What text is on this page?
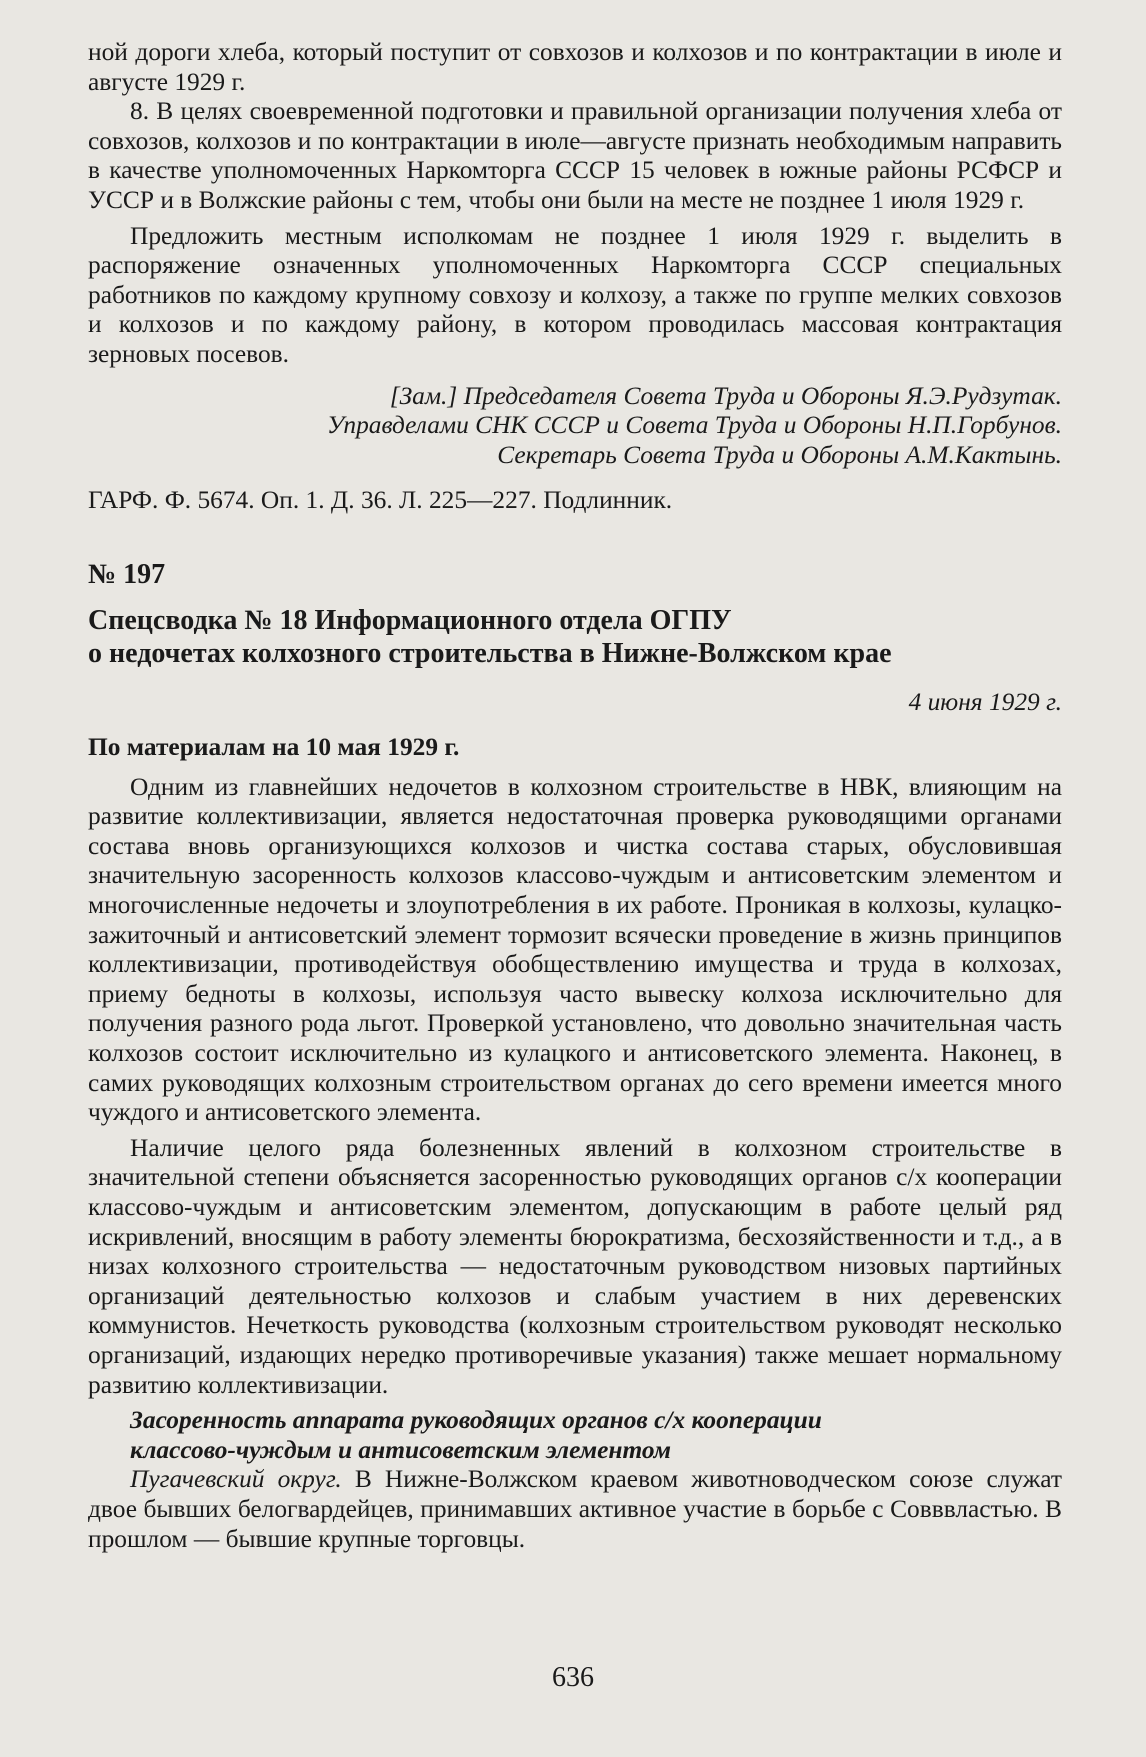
ной дороги хлеба, который поступит от совхозов и колхозов и по контрактации в июле и августе 1929 г.

8. В целях своевременной подготовки и правильной организации получения хлеба от совхозов, колхозов и по контрактации в июле—августе признать необходимым направить в качестве уполномоченных Наркомторга СССР 15 человек в южные районы РСФСР и УССР и в Волжские районы с тем, чтобы они были на месте не позднее 1 июля 1929 г.

Предложить местным исполкомам не позднее 1 июля 1929 г. выделить в распоряжение означенных уполномоченных Наркомторга СССР специальных работников по каждому крупному совхозу и колхозу, а также по группе мелких совхозов и колхозов и по каждому району, в котором проводилась массовая контрактация зерновых посевов.

[Зам.] Председателя Совета Труда и Обороны Я.Э.Рудзутак.
Управделами СНК СССР и Совета Труда и Обороны Н.П.Горбунов.
Секретарь Совета Труда и Обороны А.М.Кактынь.

ГАРФ. Ф. 5674. Оп. 1. Д. 36. Л. 225—227. Подлинник.

№ 197
Спецсводка № 18 Информационного отдела ОГПУ
о недочетах колхозного строительства в Нижне-Волжском крае
4 июня 1929 г.
По материалам на 10 мая 1929 г.

Одним из главнейших недочетов в колхозном строительстве в НВК, влияющим на развитие коллективизации, является недостаточная проверка руководящими органами состава вновь организующихся колхозов и чистка состава старых, обусловившая значительную засоренность колхозов классово-чуждым и антисоветским элементом и многочисленные недочеты и злоупотребления в их работе. Проникая в колхозы, кулацко-зажиточный и антисоветский элемент тормозит всячески проведение в жизнь принципов коллективизации, противодействуя обобществлению имущества и труда в колхозах, приему бедноты в колхозы, используя часто вывеску колхоза исключительно для получения разного рода льгот. Проверкой установлено, что довольно значительная часть колхозов состоит исключительно из кулацкого и антисоветского элемента. Наконец, в самих руководящих колхозным строительством органах до сего времени имеется много чуждого и антисоветского элемента.

Наличие целого ряда болезненных явлений в колхозном строительстве в значительной степени объясняется засоренностью руководящих органов с/х кооперации классово-чуждым и антисоветским элементом, допускающим в работе целый ряд искривлений, вносящим в работу элементы бюрократизма, бесхозяйственности и т.д., а в низах колхозного строительства — недостаточным руководством низовых партийных организаций деятельностью колхозов и слабым участием в них деревенских коммунистов. Нечеткость руководства (колхозным строительством руководят несколько организаций, издающих нередко противоречивые указания) также мешает нормальному развитию коллективизации.

Засоренность аппарата руководящих органов с/х кооперации
классово-чуждым и антисоветским элементом

Пугачевский округ. В Нижне-Волжском краевом животноводческом союзе служат двое бывших белогвардейцев, принимавших активное участие в борьбе с Совввластью. В прошлом — бывшие крупные торговцы.

636
